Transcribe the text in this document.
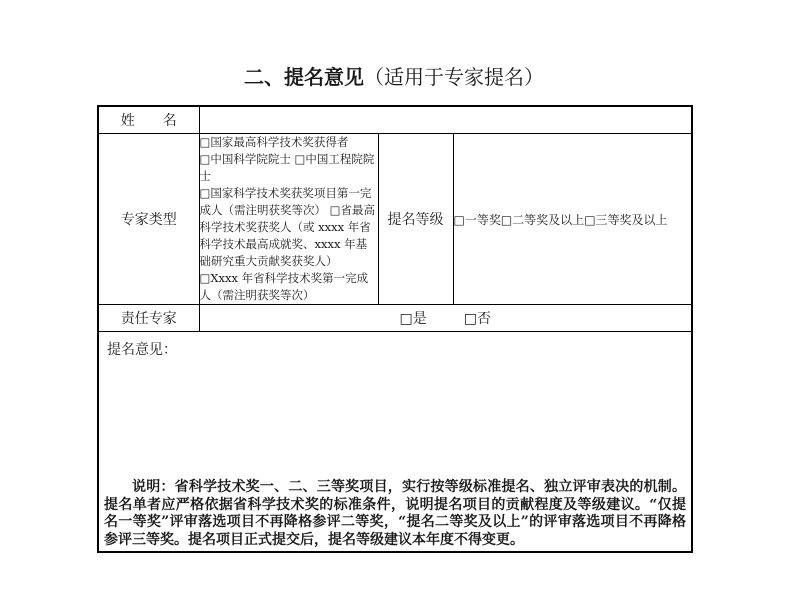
二、提名意见（适用于专家提名）
姓　　名			
专家类型	□国家最高科学技术奖获得者
□中国科学院院士 □中国工程院院士
□国家科学技术奖获奖项目第一完成人（需注明获奖等次） □省最高科学技术奖获奖人（或 xxxx 年省科学技术最高成就奖、xxxx 年基础研究重大贡献奖获奖人）　□Xxxx 年省科学技术奖第一完成人（需注明获奖等次）	提名等级	□一等奖□二等奖及以上□三等奖及以上
责任专家	□是 □否		

提名意见：
说明：省科学技术奖一、二、三等奖项目，实行按等级标准提名、独立评审表决的机制。提名单者应严格依据省科学技术奖的标准条件，说明提名项目的贡献程度及等级建议。“仅提名一等奖”评审落选项目不再降格参评二等奖，“提名二等奖及以上”的评审落选项目不再降格参评三等奖。提名项目正式提交后，提名等级建议本年度不得变更。			
